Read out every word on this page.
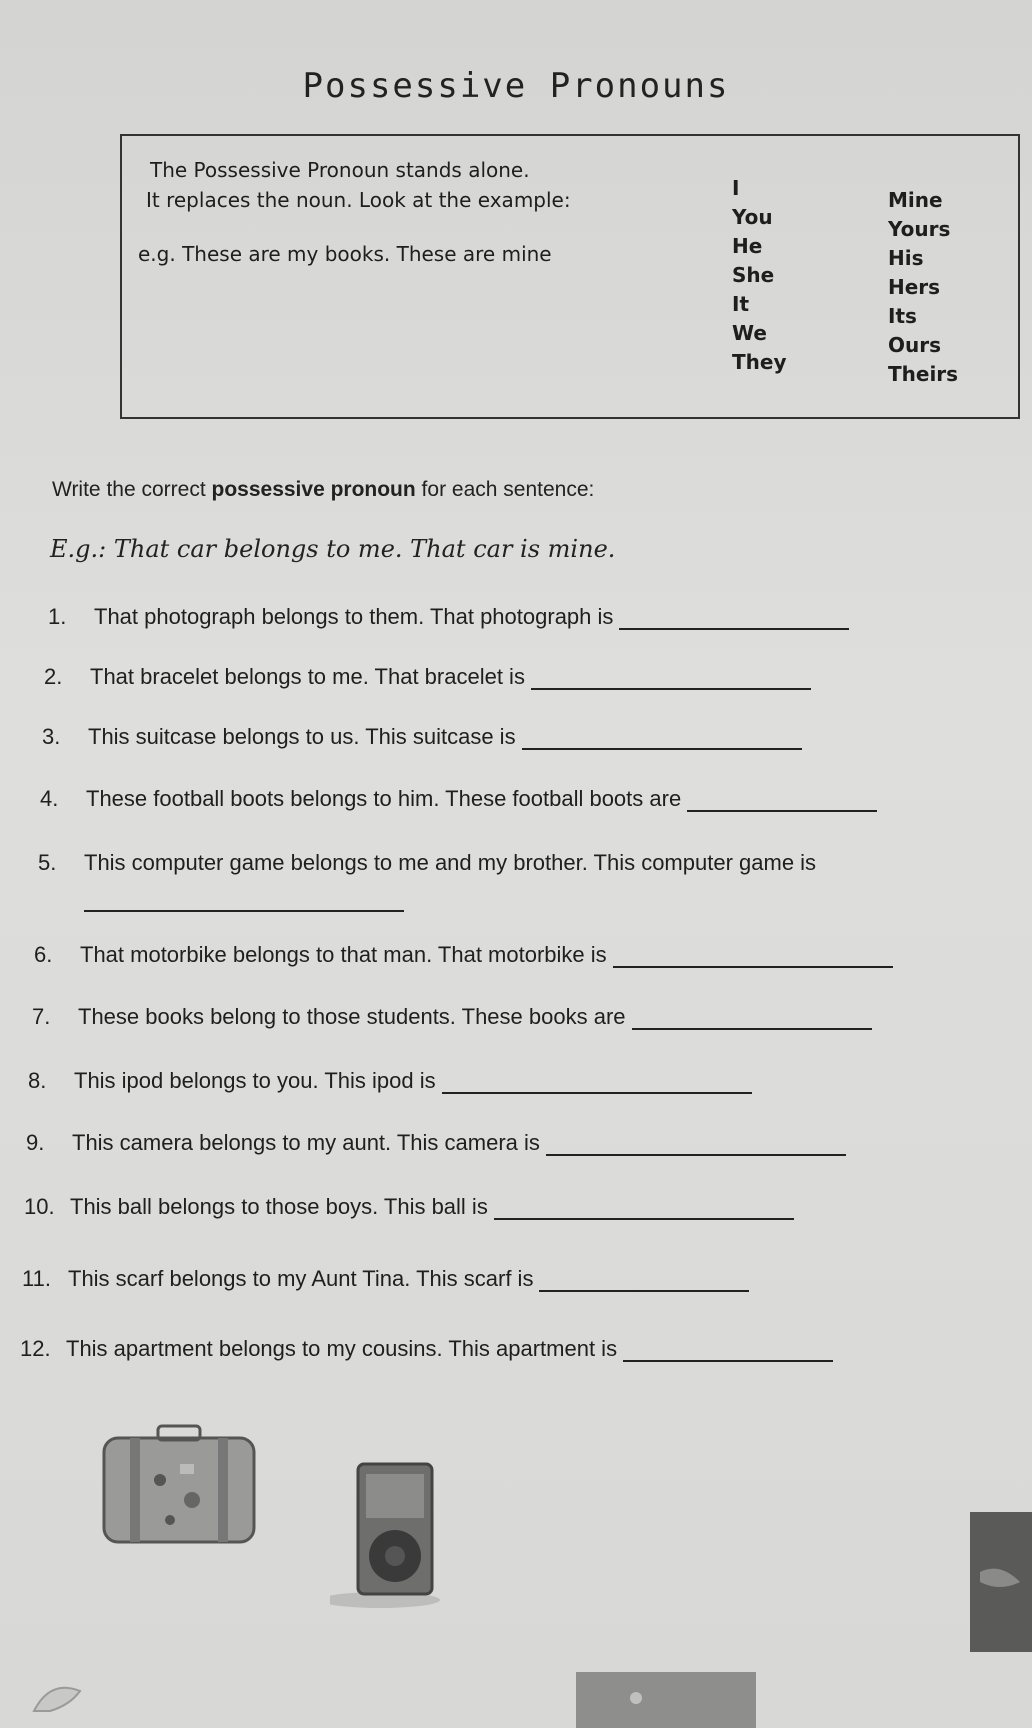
Possessive Pronouns
The Possessive Pronoun stands alone.
It replaces the noun. Look at the example:
e.g. These are my books. These are mine
I
You
He
She
It
We
They
Mine
Yours
His
Hers
Its
Ours
Theirs
Write the correct possessive pronoun for each sentence:
E.g.: That car belongs to me. That car is mine.
1. That photograph belongs to them. That photograph is
2. That bracelet belongs to me. That bracelet is
3. This suitcase belongs to us. This suitcase is
4. These football boots belongs to him. These football boots are
5. This computer game belongs to me and my brother. This computer game is
6. That motorbike belongs to that man. That motorbike is
7. These books belong to those students. These books are
8. This ipod belongs to you. This ipod is
9. This camera belongs to my aunt. This camera is
10. This ball belongs to those boys. This ball is
11. This scarf belongs to my Aunt Tina. This scarf is
12. This apartment belongs to my cousins. This apartment is
